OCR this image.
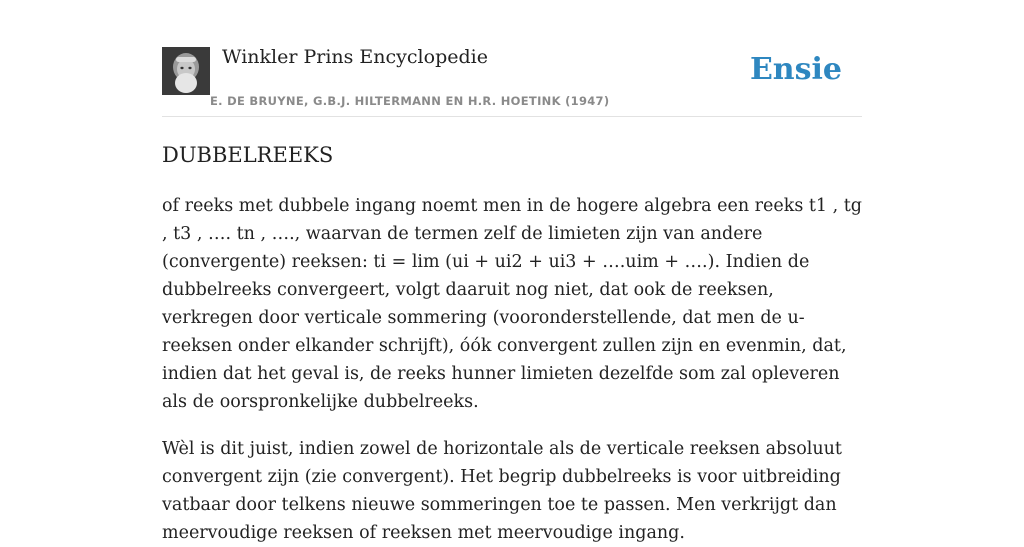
Winkler Prins Encyclopedie
E. DE BRUYNE, G.B.J. HILTERMANN EN H.R. HOETINK (1947)
Ensie
DUBBELREEKS

of reeks met dubbele ingang noemt men in de hogere algebra een reeks t1 , tg , t3 , …. tn , …., waarvan de termen zelf de limieten zijn van andere (convergente) reeksen: ti = lim (ui + ui2 + ui3 + ….uim + ….). Indien de dubbelreeks convergeert, volgt daaruit nog niet, dat ook de reeksen, verkregen door verticale sommering (vooronderstellende, dat men de u-reeksen onder elkander schrijft), óók convergent zullen zijn en evenmin, dat, indien dat het geval is, de reeks hunner limieten dezelfde som zal opleveren als de oorspronkelijke dubbelreeks.

Wèl is dit juist, indien zowel de horizontale als de verticale reeksen absoluut convergent zijn (zie convergent). Het begrip dubbelreeks is voor uitbreiding vatbaar door telkens nieuwe sommeringen toe te passen. Men verkrijgt dan meervoudige reeksen of reeksen met meervoudige ingang.
